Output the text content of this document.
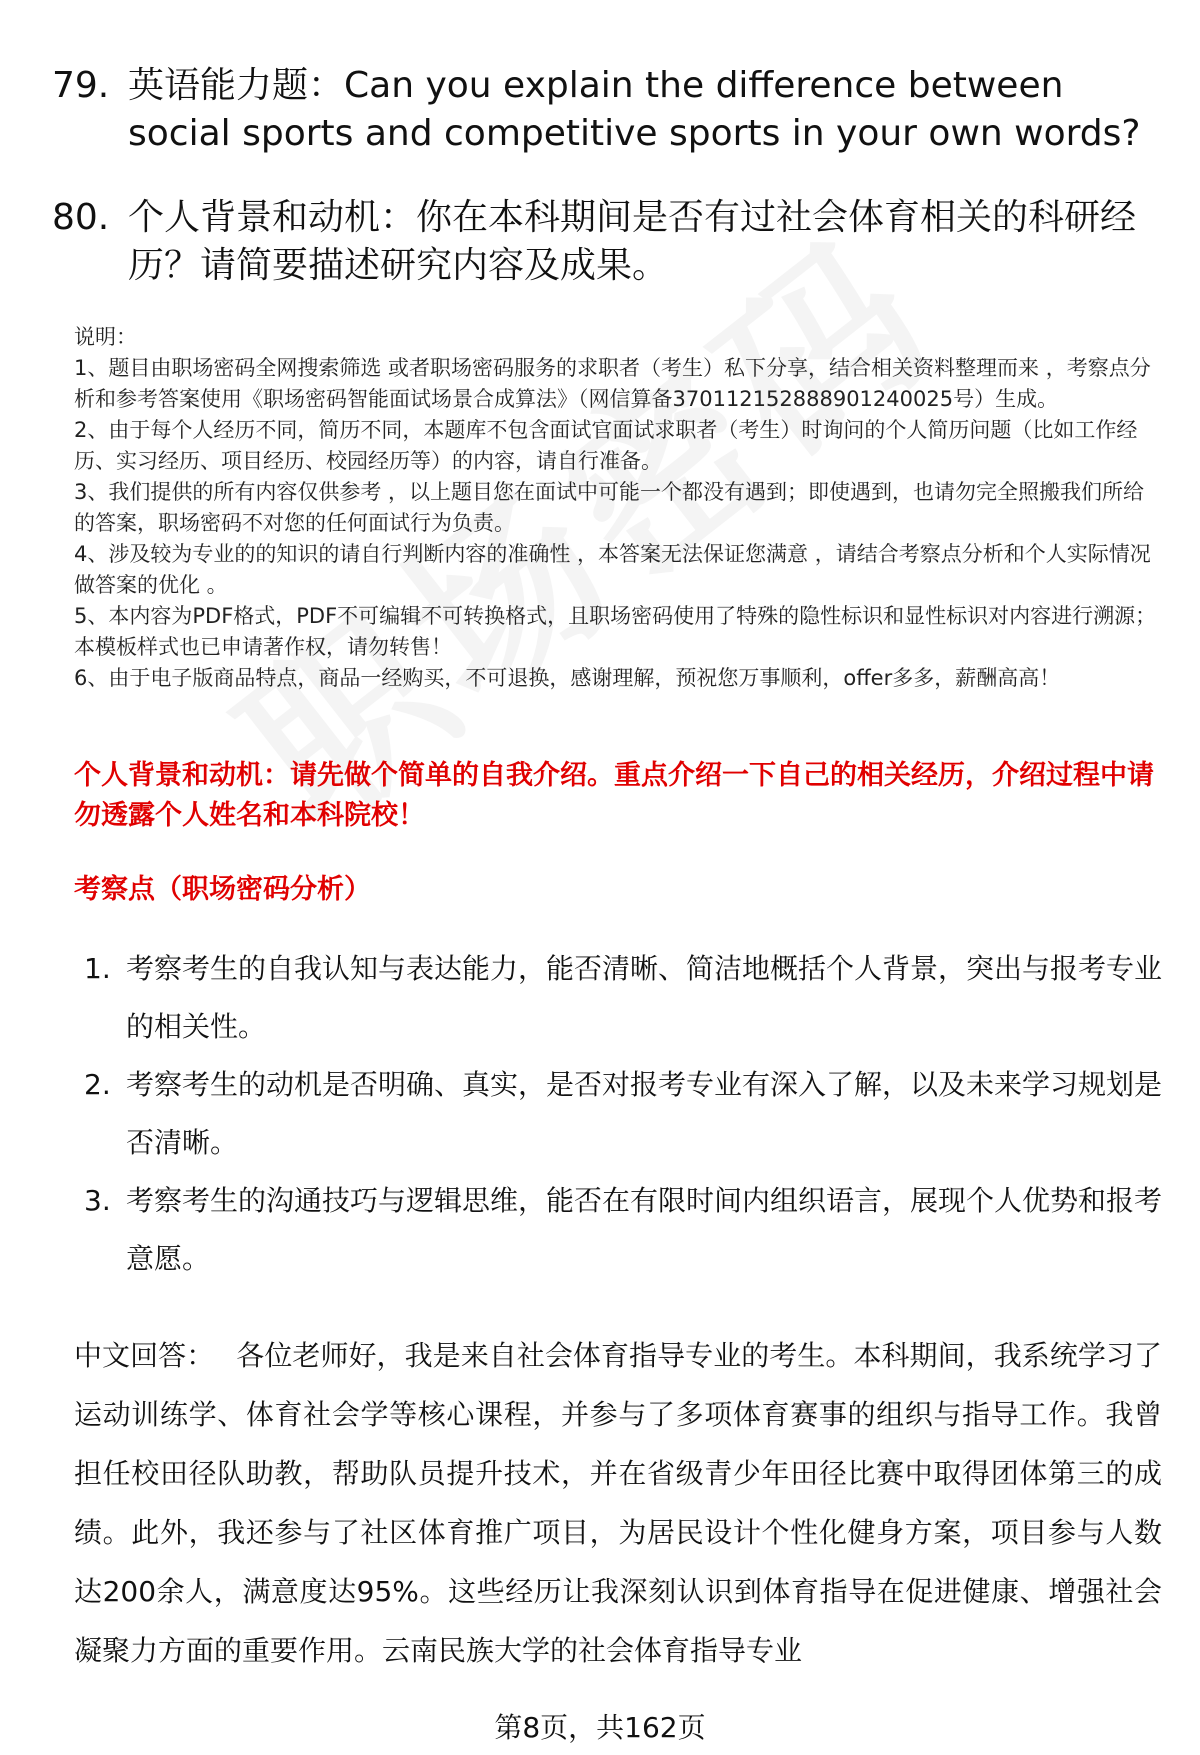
79. 英语能力题：Can you explain the difference between social sports and competitive sports in your own words?
80. 个人背景和动机：你在本科期间是否有过社会体育相关的科研经历？请简要描述研究内容及成果。

说明：

1、题目由职场密码全网搜索筛选 或者职场密码服务的求职者（考生）私下分享，结合相关资料整理而来 ，考察点分析和参考答案使用《职场密码智能面试场景合成算法》（网信算备370112152888901240025号）生成。

2、由于每个人经历不同，简历不同，本题库不包含面试官面试求职者（考生）时询问的个人简历问题（比如工作经历、实习经历、项目经历、校园经历等）的内容，请自行准备。

3、我们提供的所有内容仅供参考 ，以上题目您在面试中可能一个都没有遇到；即使遇到，也请勿完全照搬我们所给的答案，职场密码不对您的任何面试行为负责。

4、涉及较为专业的的知识的请自行判断内容的准确性 ，本答案无法保证您满意 ，请结合考察点分析和个人实际情况做答案的优化 。

5、本内容为PDF格式，PDF不可编辑不可转换格式，且职场密码使用了特殊的隐性标识和显性标识对内容进行溯源；本模板样式也已申请著作权，请勿转售！

6、由于电子版商品特点，商品一经购买，不可退换，感谢理解，预祝您万事顺利，offer多多，薪酬高高！

个人背景和动机：请先做个简单的自我介绍。重点介绍一下自己的相关经历，介绍过程中请勿透露个人姓名和本科院校！
考察点（职场密码分析）
1. 考察考生的自我认知与表达能力，能否清晰、简洁地概括个人背景，突出与报考专业的相关性。
2. 考察考生的动机是否明确、真实，是否对报考专业有深入了解，以及未来学习规划是否清晰。
3. 考察考生的沟通技巧与逻辑思维，能否在有限时间内组织语言，展现个人优势和报考意愿。
中文回答： 各位老师好，我是来自社会体育指导专业的考生。本科期间，我系统学习了运动训练学、体育社会学等核心课程，并参与了多项体育赛事的组织与指导工作。我曾担任校田径队助教，帮助队员提升技术，并在省级青少年田径比赛中取得团体第三的成绩。此外，我还参与了社区体育推广项目，为居民设计个性化健身方案，项目参与人数达200余人，满意度达95%。这些经历让我深刻认识到体育指导在促进健康、增强社会凝聚力方面的重要作用。云南民族大学的社会体育指导专业
第8页，共162页
